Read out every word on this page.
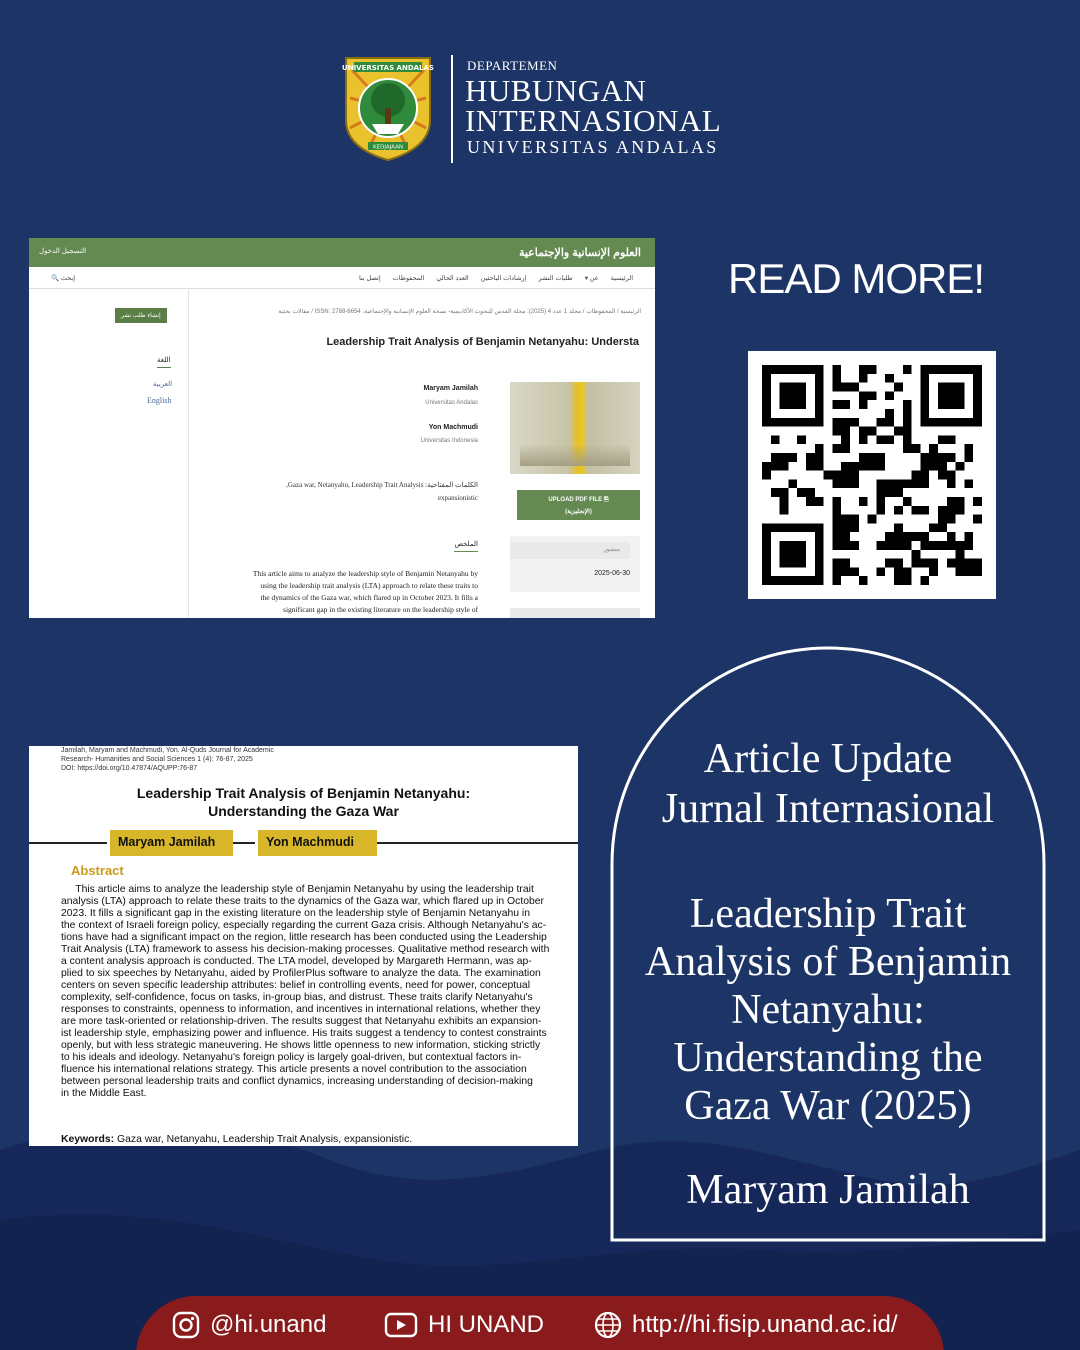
UNIVERSITAS ANDALAS
KEDJAJAAN
DEPARTEMEN
HUBUNGAN
INTERNASIONAL
UNIVERSITAS ANDALAS
العلوم الإنسانية والإجتماعية
التسجيل الدخول
الرئيسية
عن ▾
طلبات النشر
إرشادات الباحثين
العدد الحالي
المحفوظات
إتصل بنا
🔍 إبحث
إنشاء طلب نشر
اللغة
العربية
English
الرئيسية / المحفوظات / مجلد 1 عدد 4 (2025): مجلة القدس للبحوث الأكاديمية- نسخة العلوم الإنسانية والإجتماعية، ISSN: 2788-6654 / مقالات بحثية
Leadership Trait Analysis of Benjamin Netanyahu: Understa
Maryam Jamilah
Universitas Andalas
Yon Machmudi
Universitas Indonesia
الكلمات المفتاحية: Gaza war, Netanyahu, Leadership Trait Analysis,
expansionistic	UPLOAD PDF FILE 🗎
(الإنجليزية)
الملخص
منشور
2025-06-30
This article aims to analyze the leadership style of Benjamin Netanyahu by
using the leadership trait analysis (LTA) approach to relate these traits to
the dynamics of the Gaza war, which flared up in October 2023. It fills a
significant gap in the existing literature on the leadership style of
READ MORE!
Jamilah, Maryam and Machmudi, Yon. Al-Quds Journal for Academic
Research- Humanities and Social Sciences 1 (4): 76-87, 2025
DOI: https://doi.org/10.47874/AQUPP:76-87
Leadership Trait Analysis of Benjamin Netanyahu:
Understanding the Gaza War
Maryam Jamilah	Yon Machmudi
Abstract
This article aims to analyze the leadership style of Benjamin Netanyahu by using the leadership trait
analysis (LTA) approach to relate these traits to the dynamics of the Gaza war, which flared up in October
2023. It fills a significant gap in the existing literature on the leadership style of Benjamin Netanyahu in
the context of Israeli foreign policy, especially regarding the current Gaza crisis. Although Netanyahu's ac-
tions have had a significant impact on the region, little research has been conducted using the Leadership
Trait Analysis (LTA) framework to assess his decision-making processes. Qualitative method research with
a content analysis approach is conducted. The LTA model, developed by Margareth Hermann, was ap-
plied to six speeches by Netanyahu, aided by ProfilerPlus software to analyze the data. The examination
centers on seven specific leadership attributes: belief in controlling events, need for power, conceptual
complexity, self-confidence, focus on tasks, in-group bias, and distrust. These traits clarify Netanyahu's
responses to constraints, openness to information, and incentives in international relations, whether they
are more task-oriented or relationship-driven. The results suggest that Netanyahu exhibits an expansion-
ist leadership style, emphasizing power and influence. His traits suggest a tendency to contest constraints
openly, but with less strategic maneuvering. He shows little openness to new information, sticking strictly
to his ideals and ideology. Netanyahu's foreign policy is largely goal-driven, but contextual factors in-
fluence his international relations strategy. This article presents a novel contribution to the association
between personal leadership traits and conflict dynamics, increasing understanding of decision-making
in the Middle East.
Keywords: Gaza war, Netanyahu, Leadership Trait Analysis, expansionistic.
Article Update
Jurnal Internasional
Leadership Trait
Analysis of Benjamin
Netanyahu:
Understanding the
Gaza War (2025)
Maryam Jamilah
@hi.unand	HI UNAND	http://hi.fisip.unand.ac.id/
